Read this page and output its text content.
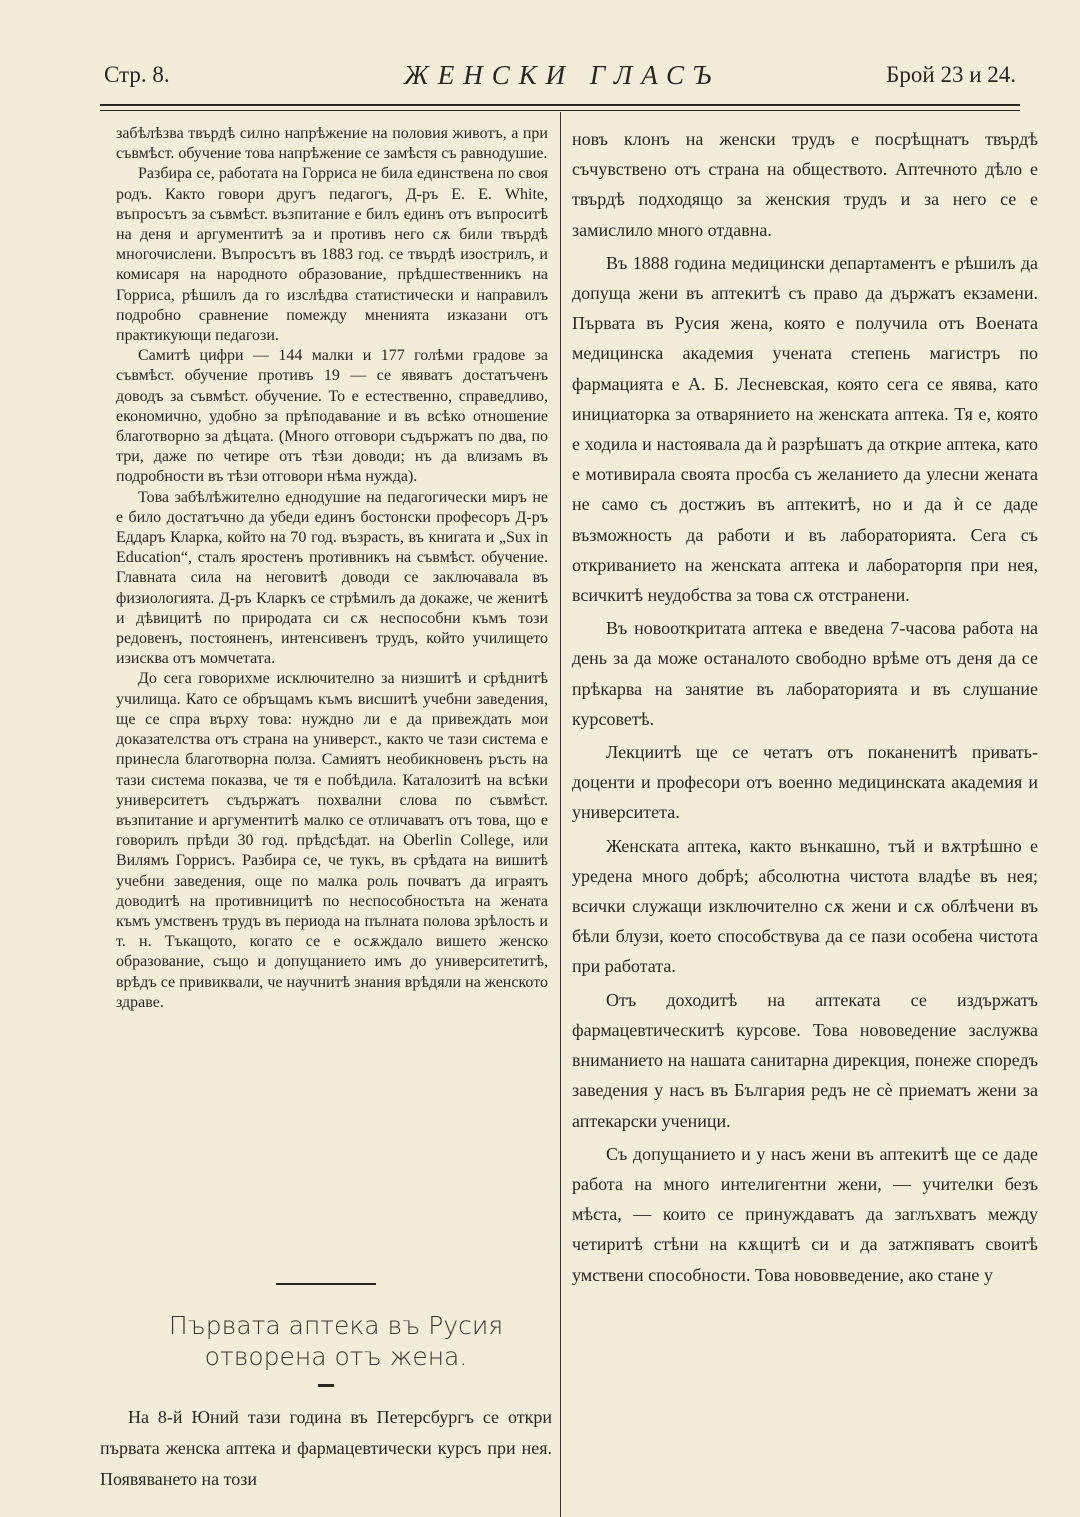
Стр. 8.	ЖЕНСКИ ГЛАСЪ	Брой 23 и 24.

забѣлѣзва твърдѣ силно напрѣжение на половия животъ, а при съвмѣст. обучение това напрѣжение се замѣстя съ равнодушие.

Разбира се, работата на Горриса не била единствена по своя родъ. Както говори другъ педагогъ, Д-ръ Е. Е. White, въпросътъ за съвмѣст. възпитание е билъ единъ отъ въпроситѣ на деня и аргументитѣ за и противъ него сѫ били твърдѣ многочислени. Въпросътъ въ 1883 год. се твърдѣ изострилъ, и комисаря на народното образование, прѣдшественникъ на Горриса, рѣшилъ да го изслѣдва статистически и направилъ подробно сравнение помежду мненията изказани отъ практикующи педагози.

Самитѣ цифри — 144 малки и 177 голѣми градове за съвмѣст. обучение противъ 19 — се явяватъ достатъченъ доводъ за съвмѣст. обучение. То е естественно, справедливо, економично, удобно за прѣподавание и въ всѣко отношение благотворно за дѣцата. (Много отговори съдържатъ по два, по три, даже по четире отъ тѣзи доводи; нъ да влизамъ въ подробности въ тѣзи отговори нѣма нужда).

Това забѣлѣжително еднодушие на педагогически миръ не е било достатъчно да убеди единъ бостонски професоръ Д-ръ Еддаръ Кларка, който на 70 год. възрасть, въ книгата и „Sux in Education“, сталъ яростенъ противникъ на съвмѣст. обучение. Главната сила на неговитѣ доводи се заключавала въ физиологията. Д-ръ Кларкъ се стрѣмилъ да докаже, че женитѣ и дѣвицитѣ по природата си сѫ неспособни къмъ този редовенъ, постояненъ, интенсивенъ трудъ, който училището изисква отъ момчетата.

До сега говорихме исключително за низшитѣ и срѣднитѣ училища. Като се обръщамъ къмъ висшитѣ учебни заведения, ще се спра върху това: нуждно ли е да привеждать мои доказателства отъ страна на универст., както че тази система е принесла благотворна полза. Самиятъ необикновенъ ръсть на тази система показва, че тя е побѣдила. Каталозитѣ на всѣки университетъ съдържатъ похвални слова по съвмѣст. възпитание и аргументитѣ малко се отличаватъ отъ това, що е говорилъ прѣди 30 год. прѣдсѣдат. на Oberlin College, или Вилямъ Горрисъ. Разбира се, че тукъ, въ срѣдата на вишитѣ учебни заведения, още по малка роль почватъ да играятъ доводитѣ на противницитѣ по неспособностьта на жената къмъ умственъ трудъ въ периода на пълната полова зрѣлость и т. н. Тъкащото, когато се е осѫждало вишето женско образование, също и допущанието имъ до университетитѣ, врѣдъ се привиквали, че научнитѣ знания врѣдяли на женското здраве.

Първата аптека въ Русия отворена отъ жена.

На 8-й Юний тази година въ Петерсбургъ се откри първата женска аптека и фармацевтически курсъ при нея. Появяването на този

новъ клонъ на женски трудъ е посрѣщнатъ твърдѣ съчувствено отъ страна на обществото. Аптечното дѣло е твърдѣ подходящо за женския трудъ и за него се е замислило много отдавна.

Въ 1888 година медицински департаментъ е рѣшилъ да допуща жени въ аптекитѣ съ право да държатъ екзамени. Първата въ Русия жена, която е получила отъ Воената медицинска академия учената степень магистръ по фармацията е А. Б. Лесневская, която сега се явява, като инициаторка за отварянието на женската аптека. Тя е, която е ходила и настоявала да ѝ разрѣшатъ да открие аптека, като е мотивирала своята просба съ желанието да улесни жената не само съ достжиъ въ аптекитѣ, но и да ѝ се даде възможность да работи и въ лабораторията. Сега съ откриванието на женската аптека и лабораторпя при нея, всичкитѣ неудобства за това сѫ отстранени.

Въ новооткритата аптека е введена 7-часова работа на день за да може останалото свободно врѣме отъ деня да се прѣкарва на занятие въ лабораторията и въ слушание курсоветѣ.

Лекциитѣ ще се четатъ отъ поканенитѣ привать-доценти и професори отъ военно медицинската академия и университета.

Женската аптека, както вънкашно, тъй и вѫтрѣшно е уредена много добрѣ; абсолютна чистота владѣе въ нея; всички служащи изключително сѫ жени и сѫ облѣчени въ бѣли блузи, което способствува да се пази особена чистота при работата.

Отъ доходитѣ на аптеката се издържатъ фармацевтическитѣ курсове. Това нововедение заслужва вниманието на нашата санитарна дирекция, понеже споредъ заведения у насъ въ България редъ не сѐ приематъ жени за аптекарски ученици.

Съ допущанието и у насъ жени въ аптекитѣ ще се даде работа на много интелигентни жени, — учителки безъ мѣста, — които се принуждаватъ да заглъхватъ между четиритѣ стѣни на кѫщитѣ си и да затжпяватъ своитѣ умствени способности. Това нововведение, ако стане у
